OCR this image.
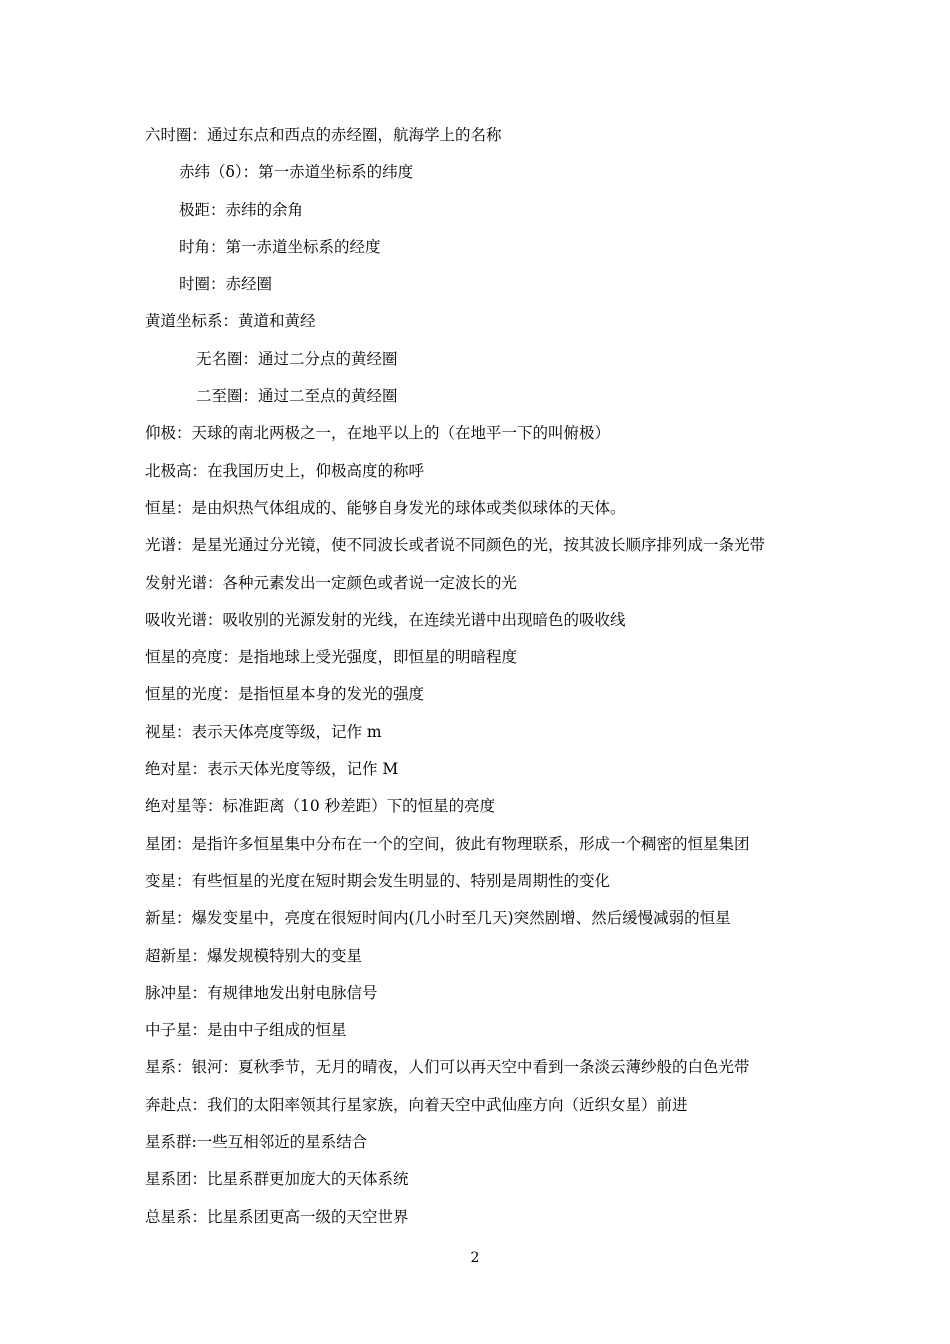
六时圈：通过东点和西点的赤经圈，航海学上的名称
赤纬（δ）：第一赤道坐标系的纬度
极距：赤纬的余角
时角：第一赤道坐标系的经度
时圈：赤经圈
黄道坐标系：黄道和黄经
无名圈：通过二分点的黄经圈
二至圈：通过二至点的黄经圈
仰极：天球的南北两极之一，在地平以上的（在地平一下的叫俯极）
北极高：在我国历史上，仰极高度的称呼
恒星：是由炽热气体组成的、能够自身发光的球体或类似球体的天体。
光谱：是星光通过分光镜，使不同波长或者说不同颜色的光，按其波长顺序排列成一条光带
发射光谱：各种元素发出一定颜色或者说一定波长的光
吸收光谱：吸收别的光源发射的光线，在连续光谱中出现暗色的吸收线
恒星的亮度：是指地球上受光强度，即恒星的明暗程度
恒星的光度：是指恒星本身的发光的强度
视星：表示天体亮度等级，记作 m
绝对星：表示天体光度等级，记作 M
绝对星等：标准距离（10 秒差距）下的恒星的亮度
星团：是指许多恒星集中分布在一个的空间，彼此有物理联系，形成一个稠密的恒星集团
变星：有些恒星的光度在短时期会发生明显的、特别是周期性的变化
新星：爆发变星中，亮度在很短时间内(几小时至几天)突然剧增、然后缓慢减弱的恒星
超新星：爆发规模特别大的变星
脉冲星：有规律地发出射电脉信号
中子星：是由中子组成的恒星
星系：银河：夏秋季节，无月的晴夜，人们可以再天空中看到一条淡云薄纱般的白色光带
奔赴点：我们的太阳率领其行星家族，向着天空中武仙座方向（近织女星）前进
星系群:一些互相邻近的星系结合
星系团：比星系群更加庞大的天体系统
总星系：比星系团更高一级的天空世界
2
